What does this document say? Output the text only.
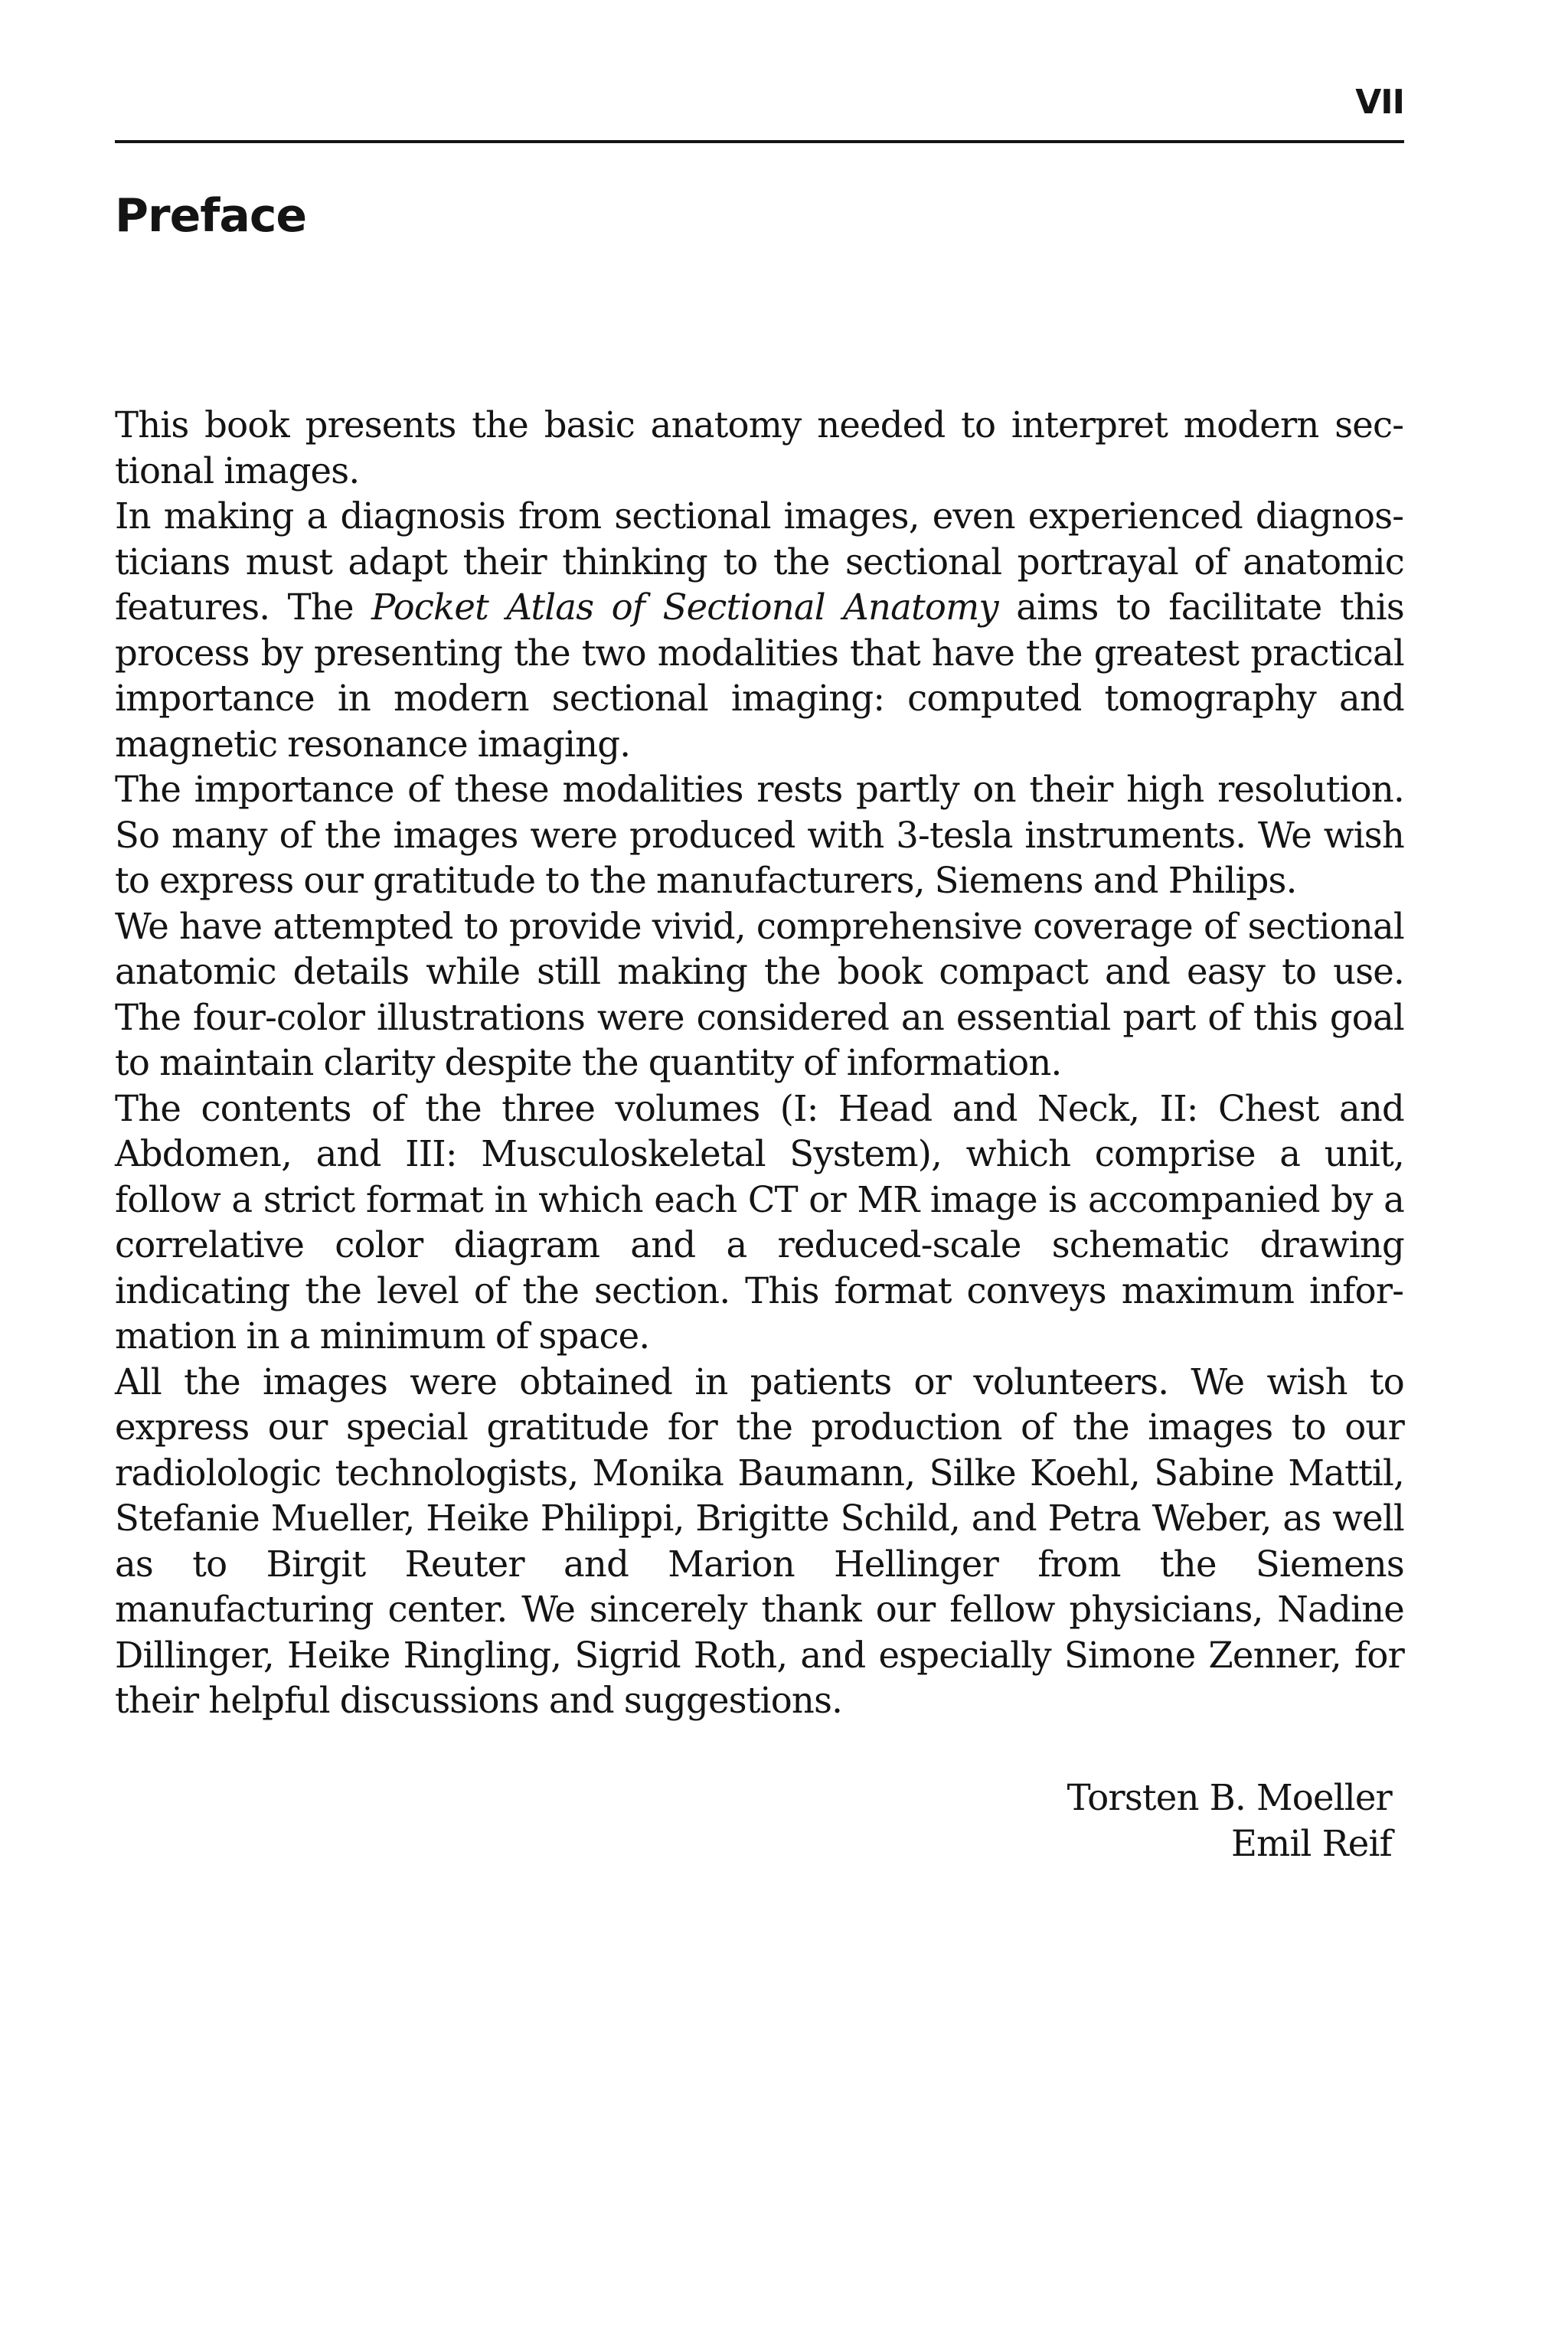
VII
Preface

This book presents the basic anatomy needed to interpret modern sectional images.

In making a diagnosis from sectional images, even experienced diagnosticians must adapt their thinking to the sectional portrayal of anatomic features. The Pocket Atlas of Sectional Anatomy aims to facilitate this process by presenting the two modalities that have the greatest practical importance in modern sectional imaging: computed tomography and magnetic resonance imaging.

The importance of these modalities rests partly on their high resolution. So many of the images were produced with 3-tesla instruments. We wish to express our gratitude to the manufacturers, Siemens and Philips.

We have attempted to provide vivid, comprehensive coverage of sectional anatomic details while still making the book compact and easy to use. The four-color illustrations were considered an essential part of this goal to maintain clarity despite the quantity of information.

The contents of the three volumes (I: Head and Neck, II: Chest and Abdomen, and III: Musculoskeletal System), which comprise a unit, follow a strict format in which each CT or MR image is accompanied by a correlative color diagram and a reduced-scale schematic drawing indicating the level of the section. This format conveys maximum information in a minimum of space.

All the images were obtained in patients or volunteers. We wish to express our special gratitude for the production of the images to our radiolologic technologists, Monika Baumann, Silke Koehl, Sabine Mattil, Stefanie Mueller, Heike Philippi, Brigitte Schild, and Petra Weber, as well as to Birgit Reuter and Marion Hellinger from the Siemens manufacturing center. We sincerely thank our fellow physicians, Nadine Dillinger, Heike Ringling, Sigrid Roth, and especially Simone Zenner, for their helpful discussions and suggestions.

Torsten B. Moeller
Emil Reif
